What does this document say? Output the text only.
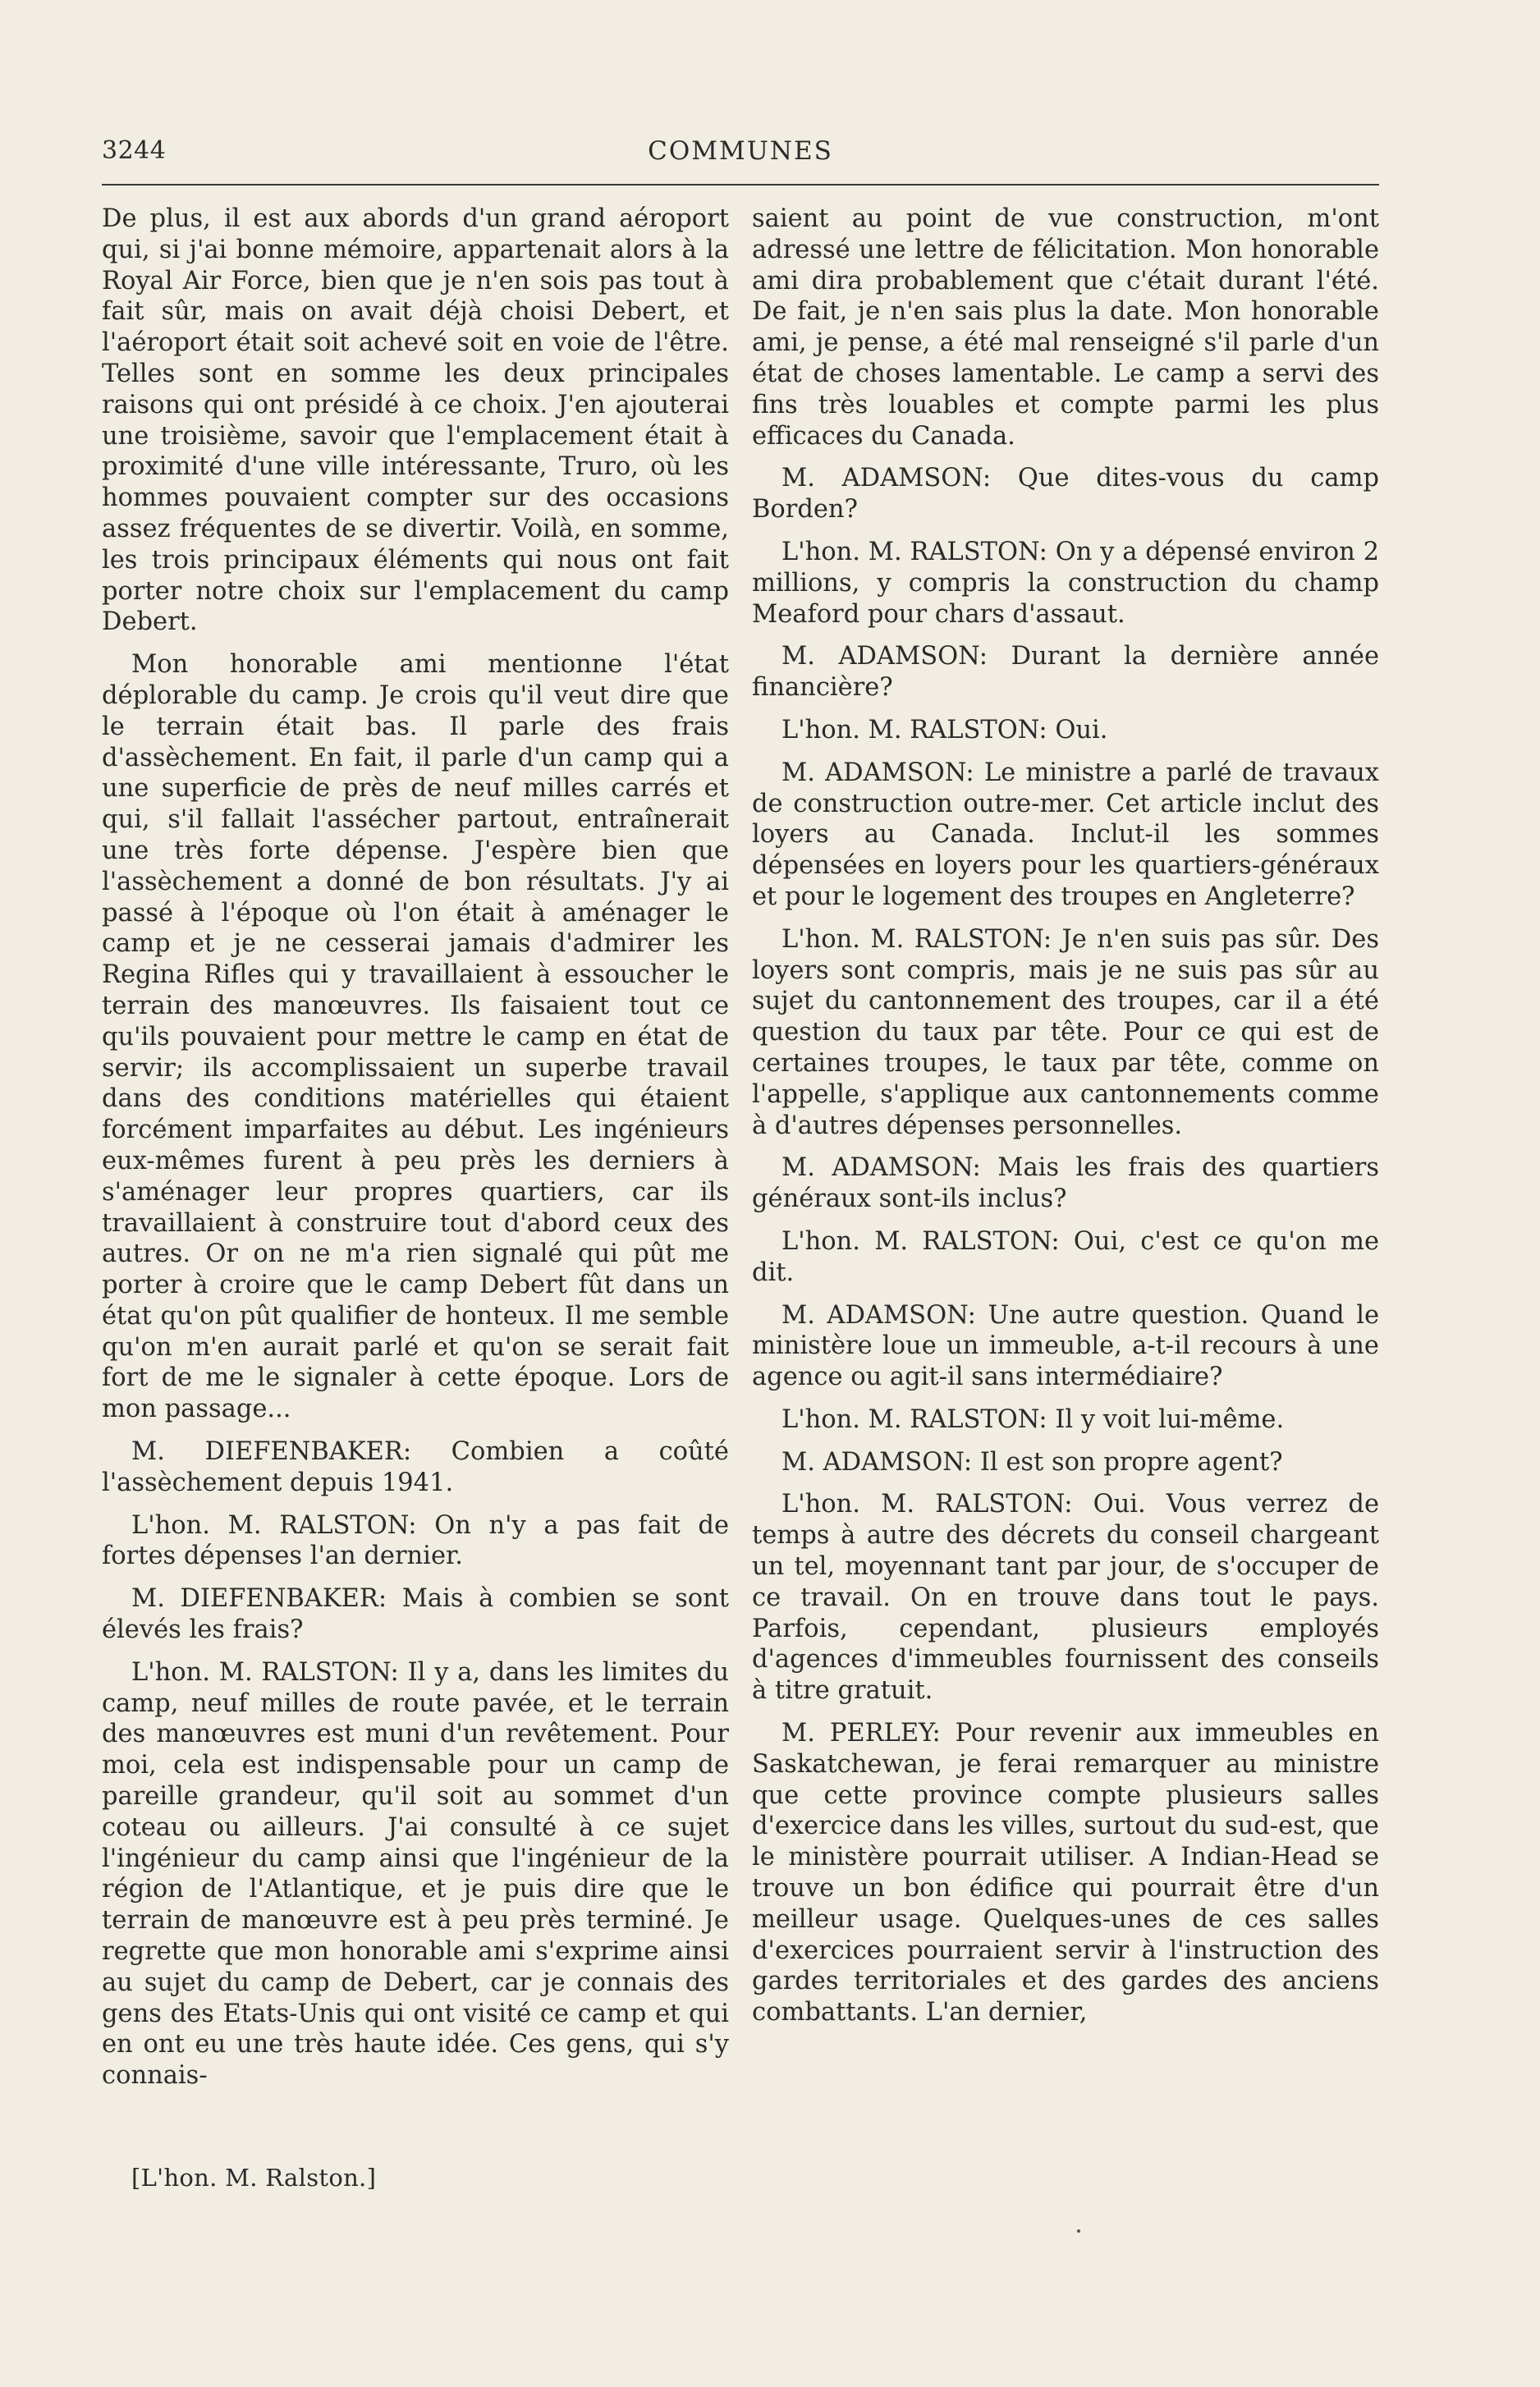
3244	COMMUNES

De plus, il est aux abords d'un grand aéroport qui, si j'ai bonne mémoire, appartenait alors à la Royal Air Force, bien que je n'en sois pas tout à fait sûr, mais on avait déjà choisi Debert, et l'aéroport était soit achevé soit en voie de l'être. Telles sont en somme les deux principales raisons qui ont présidé à ce choix. J'en ajouterai une troisième, savoir que l'emplacement était à proximité d'une ville intéressante, Truro, où les hommes pouvaient compter sur des occasions assez fréquentes de se divertir. Voilà, en somme, les trois principaux éléments qui nous ont fait porter notre choix sur l'emplacement du camp Debert.

Mon honorable ami mentionne l'état déplorable du camp. Je crois qu'il veut dire que le terrain était bas. Il parle des frais d'assèchement. En fait, il parle d'un camp qui a une superficie de près de neuf milles carrés et qui, s'il fallait l'assécher partout, entraînerait une très forte dépense. J'espère bien que l'assèchement a donné de bon résultats. J'y ai passé à l'époque où l'on était à aménager le camp et je ne cesserai jamais d'admirer les Regina Rifles qui y travaillaient à essoucher le terrain des manœuvres. Ils faisaient tout ce qu'ils pouvaient pour mettre le camp en état de servir; ils accomplissaient un superbe travail dans des conditions matérielles qui étaient forcément imparfaites au début. Les ingénieurs eux-mêmes furent à peu près les derniers à s'aménager leur propres quartiers, car ils travaillaient à construire tout d'abord ceux des autres. Or on ne m'a rien signalé qui pût me porter à croire que le camp Debert fût dans un état qu'on pût qualifier de honteux. Il me semble qu'on m'en aurait parlé et qu'on se serait fait fort de me le signaler à cette époque. Lors de mon passage...

M. DIEFENBAKER: Combien a coûté l'assèchement depuis 1941.

L'hon. M. RALSTON: On n'y a pas fait de fortes dépenses l'an dernier.

M. DIEFENBAKER: Mais à combien se sont élevés les frais?

L'hon. M. RALSTON: Il y a, dans les limites du camp, neuf milles de route pavée, et le terrain des manœuvres est muni d'un revêtement. Pour moi, cela est indispensable pour un camp de pareille grandeur, qu'il soit au sommet d'un coteau ou ailleurs. J'ai consulté à ce sujet l'ingénieur du camp ainsi que l'ingénieur de la région de l'Atlantique, et je puis dire que le terrain de manœuvre est à peu près terminé. Je regrette que mon honorable ami s'exprime ainsi au sujet du camp de Debert, car je connais des gens des Etats-Unis qui ont visité ce camp et qui en ont eu une très haute idée. Ces gens, qui s'y connais-

[L'hon. M. Ralston.]

saient au point de vue construction, m'ont adressé une lettre de félicitation. Mon honorable ami dira probablement que c'était durant l'été. De fait, je n'en sais plus la date. Mon honorable ami, je pense, a été mal renseigné s'il parle d'un état de choses lamentable. Le camp a servi des fins très louables et compte parmi les plus efficaces du Canada.

M. ADAMSON: Que dites-vous du camp Borden?

L'hon. M. RALSTON: On y a dépensé environ 2 millions, y compris la construction du champ Meaford pour chars d'assaut.

M. ADAMSON: Durant la dernière année financière?

L'hon. M. RALSTON: Oui.

M. ADAMSON: Le ministre a parlé de travaux de construction outre-mer. Cet article inclut des loyers au Canada. Inclut-il les sommes dépensées en loyers pour les quartiers-généraux et pour le logement des troupes en Angleterre?

L'hon. M. RALSTON: Je n'en suis pas sûr. Des loyers sont compris, mais je ne suis pas sûr au sujet du cantonnement des troupes, car il a été question du taux par tête. Pour ce qui est de certaines troupes, le taux par tête, comme on l'appelle, s'applique aux cantonnements comme à d'autres dépenses personnelles.

M. ADAMSON: Mais les frais des quartiers généraux sont-ils inclus?

L'hon. M. RALSTON: Oui, c'est ce qu'on me dit.

M. ADAMSON: Une autre question. Quand le ministère loue un immeuble, a-t-il recours à une agence ou agit-il sans intermédiaire?

L'hon. M. RALSTON: Il y voit lui-même.

M. ADAMSON: Il est son propre agent?

L'hon. M. RALSTON: Oui. Vous verrez de temps à autre des décrets du conseil chargeant un tel, moyennant tant par jour, de s'occuper de ce travail. On en trouve dans tout le pays. Parfois, cependant, plusieurs employés d'agences d'immeubles fournissent des conseils à titre gratuit.

M. PERLEY: Pour revenir aux immeubles en Saskatchewan, je ferai remarquer au ministre que cette province compte plusieurs salles d'exercice dans les villes, surtout du sud-est, que le ministère pourrait utiliser. A Indian-Head se trouve un bon édifice qui pourrait être d'un meilleur usage. Quelques-unes de ces salles d'exercices pourraient servir à l'instruction des gardes territoriales et des gardes des anciens combattants. L'an dernier,
